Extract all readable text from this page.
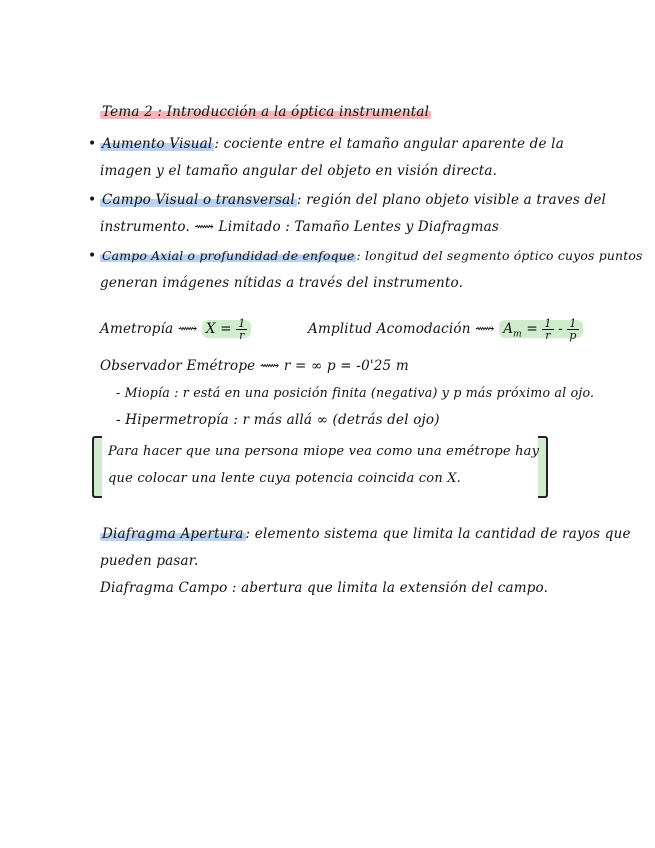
Tema 2 : Introducción a la óptica instrumental
• Aumento Visual : cociente entre el tamaño angular aparente de la
imagen y el tamaño angular del objeto en visión directa.
• Campo Visual o transversal : región del plano objeto visible a traves del
instrumento. ⟿ Limitado : Tamaño Lentes y Diafragmas
• Campo Axial o profundidad de enfoque : longitud del segmento óptico cuyos puntos
generan imágenes nítidas a través del instrumento.
Ametropía ⟿ $X = \frac{1}{r}$	Amplitud Acomodación ⟿ $A_m = \frac{1}{r} - \frac{1}{p}$
Observador Emétrope ⟿ r = ∞ p = -0'25 m
- Miopía : r está en una posición finita (negativa) y p más próximo al ojo.
- Hipermetropía : r más allá ∞ (detrás del ojo)
Para hacer que una persona miope vea como una emétrope hay
que colocar una lente cuya potencia coincida con X.
Diafragma Apertura : elemento sistema que limita la cantidad de rayos que
pueden pasar.
Diafragma Campo : abertura que limita la extensión del campo.
